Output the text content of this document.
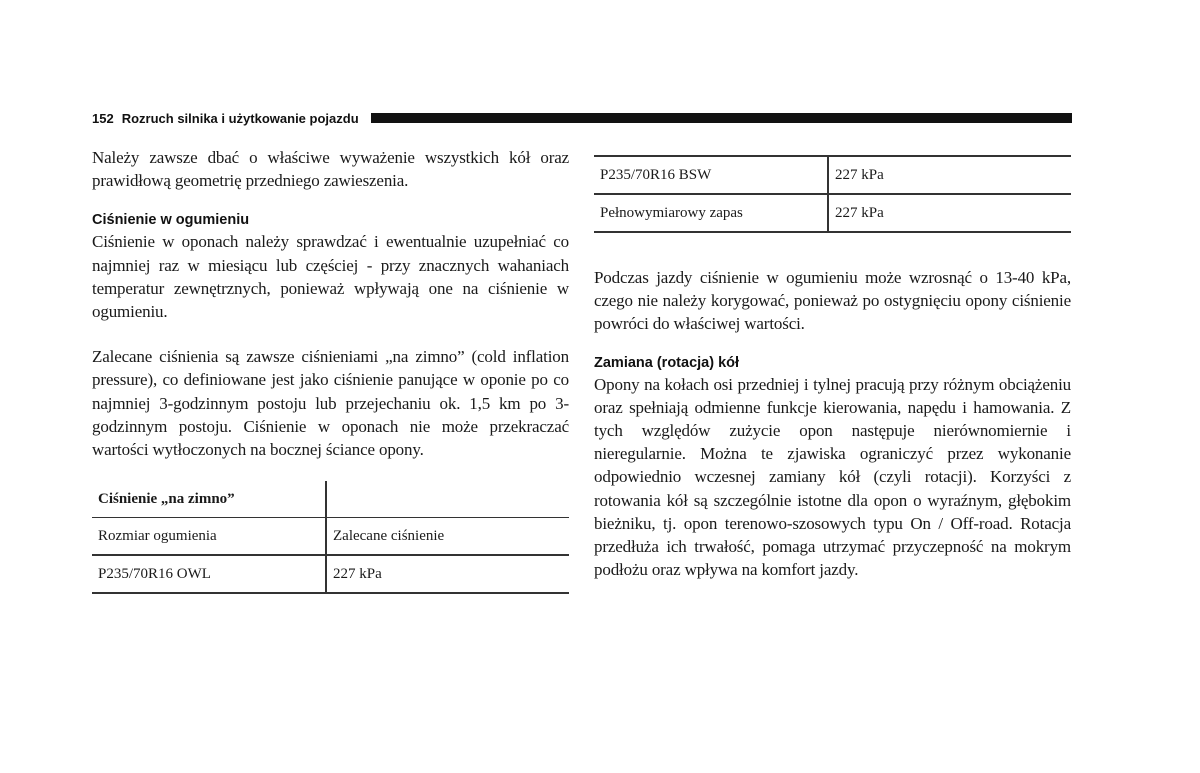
152 Rozruch silnika i użytkowanie pojazdu

Należy zawsze dbać o właściwe wyważenie wszystkich kół oraz prawidłową geometrię przedniego zawieszenia.

Ciśnienie w ogumieniu

Ciśnienie w oponach należy sprawdzać i ewentualnie uzupełniać co najmniej raz w miesiącu lub częściej - przy znacznych wahaniach temperatur zewnętrznych, ponieważ wpływają one na ciśnienie w ogumieniu.

Zalecane ciśnienia są zawsze ciśnieniami „na zimno” (cold inflation pressure), co definiowane jest jako ciśnienie panujące w oponie po co najmniej 3-godzinnym postoju lub przejechaniu ok. 1,5 km po 3-godzinnym postoju. Ciśnienie w oponach nie może przekraczać wartości wytłoczonych na bocznej ściance opony.

Ciśnienie „na zimno”	
Rozmiar ogumienia	Zalecane ciśnienie
P235/70R16 OWL	227 kPa
P235/70R16 BSW	227 kPa
Pełnowymiarowy zapas	227 kPa

Podczas jazdy ciśnienie w ogumieniu może wzrosnąć o 13-40 kPa, czego nie należy korygować, ponieważ po ostygnięciu opony ciśnienie powróci do właściwej wartości.

Zamiana (rotacja) kół

Opony na kołach osi przedniej i tylnej pracują przy różnym obciążeniu oraz spełniają odmienne funkcje kierowania, napędu i hamowania. Z tych względów zużycie opon następuje nierównomiernie i nieregularnie. Można te zjawiska ograniczyć przez wykonanie odpowiednio wczesnej zamiany kół (czyli rotacji). Korzyści z rotowania kół są szczególnie istotne dla opon o wyraźnym, głębokim bieżniku, tj. opon terenowo-szosowych typu On / Off-road. Rotacja przedłuża ich trwałość, pomaga utrzymać przyczepność na mokrym podłożu oraz wpływa na komfort jazdy.
